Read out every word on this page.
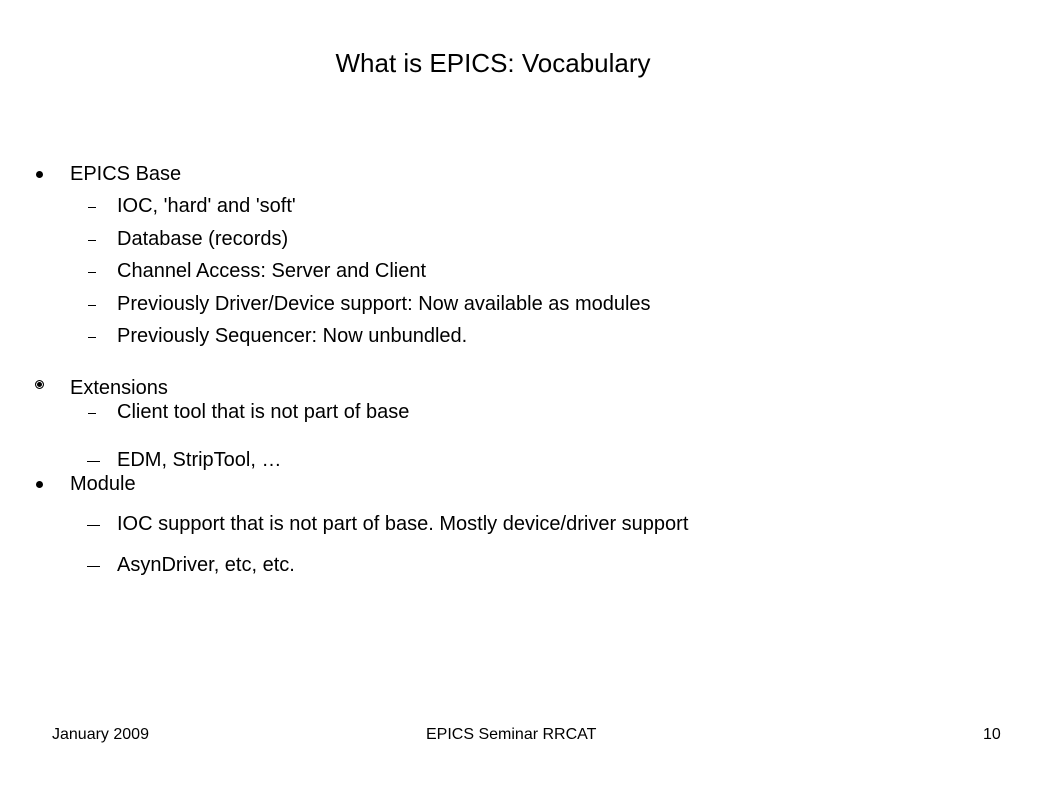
What is EPICS: Vocabulary
EPICS Base
IOC, 'hard' and 'soft'
Database (records)
Channel Access: Server and Client
Previously Driver/Device support: Now available as modules
Previously Sequencer: Now unbundled.
Extensions
Client tool that is not part of base
EDM, StripTool, …
Module
IOC support that is not part of base. Mostly device/driver support
AsynDriver, etc, etc.
January 2009	EPICS Seminar RRCAT	10
